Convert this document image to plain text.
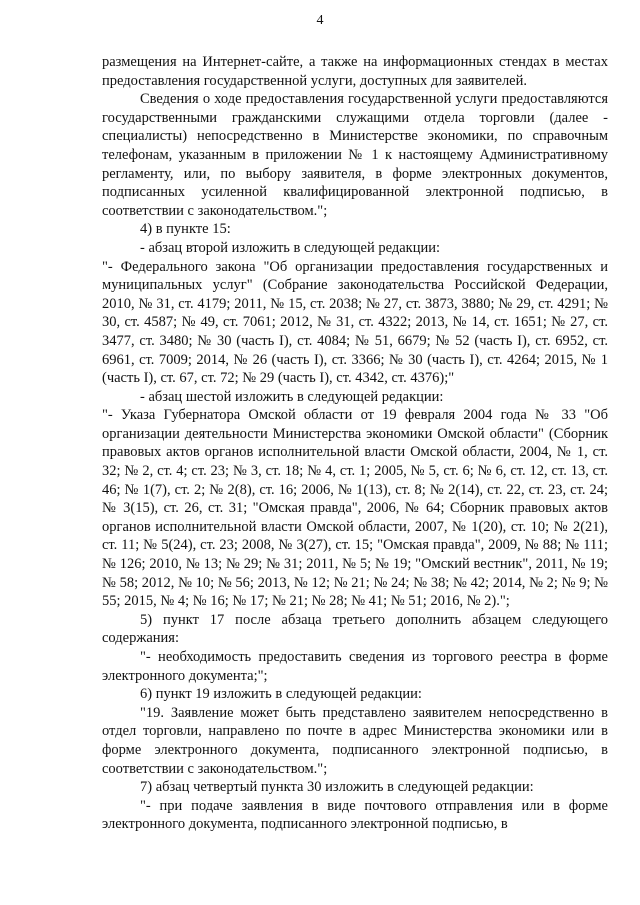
4

размещения на Интернет-сайте, а также на информационных стендах в местах предоставления государственной услуги, доступных для заявителей.

Сведения о ходе предоставления государственной услуги предоставляются государственными гражданскими служащими отдела торговли (далее - специалисты) непосредственно в Министерстве экономики, по справочным телефонам, указанным в приложении № 1 к настоящему Административному регламенту, или, по выбору заявителя, в форме электронных документов, подписанных усиленной квалифицированной электронной подписью, в соответствии с законодательством.";

4) в пункте 15:

- абзац второй изложить в следующей редакции:

"- Федерального закона "Об организации предоставления государственных и муниципальных услуг" (Собрание законодательства Российской Федерации, 2010, № 31, ст. 4179; 2011, № 15, ст. 2038; № 27, ст. 3873, 3880; № 29, ст. 4291; № 30, ст. 4587; № 49, ст. 7061; 2012, № 31, ст. 4322; 2013, № 14, ст. 1651; № 27, ст. 3477, ст. 3480; № 30 (часть I), ст. 4084; № 51, 6679; № 52 (часть I), ст. 6952, ст. 6961, ст. 7009; 2014, № 26 (часть I), ст. 3366; № 30 (часть I), ст. 4264; 2015, № 1 (часть I), ст. 67, ст. 72; № 29 (часть I), ст. 4342, ст. 4376);"

- абзац шестой изложить в следующей редакции:

"- Указа Губернатора Омской области от 19 февраля 2004 года № 33 "Об организации деятельности Министерства экономики Омской области" (Сборник правовых актов органов исполнительной власти Омской области, 2004, № 1, ст. 32; № 2, ст. 4; ст. 23; № 3, ст. 18; № 4, ст. 1; 2005, № 5, ст. 6; № 6, ст. 12, ст. 13, ст. 46; № 1(7), ст. 2; № 2(8), ст. 16; 2006, № 1(13), ст. 8; № 2(14), ст. 22, ст. 23, ст. 24; № 3(15), ст. 26, ст. 31; "Омская правда", 2006, № 64; Сборник правовых актов органов исполнительной власти Омской области, 2007, № 1(20), ст. 10; № 2(21), ст. 11; № 5(24), ст. 23; 2008, № 3(27), ст. 15; "Омская правда", 2009, № 88; № 111; № 126; 2010, № 13; № 29; № 31; 2011, № 5; № 19; "Омский вестник", 2011, № 19; № 58; 2012, № 10; № 56; 2013, № 12; № 21; № 24; № 38; № 42; 2014, № 2; № 9; № 55; 2015, № 4; № 16; № 17; № 21; № 28; № 41; № 51; 2016, № 2).";

5) пункт 17 после абзаца третьего дополнить абзацем следующего содержания:

"- необходимость предоставить сведения из торгового реестра в форме электронного документа;";

6) пункт 19 изложить в следующей редакции:

"19. Заявление может быть представлено заявителем непосредственно в отдел торговли, направлено по почте в адрес Министерства экономики или в форме электронного документа, подписанного электронной подписью, в соответствии с законодательством.";

7) абзац четвертый пункта 30 изложить в следующей редакции:

"- при подаче заявления в виде почтового отправления или в форме электронного документа, подписанного электронной подписью, в
